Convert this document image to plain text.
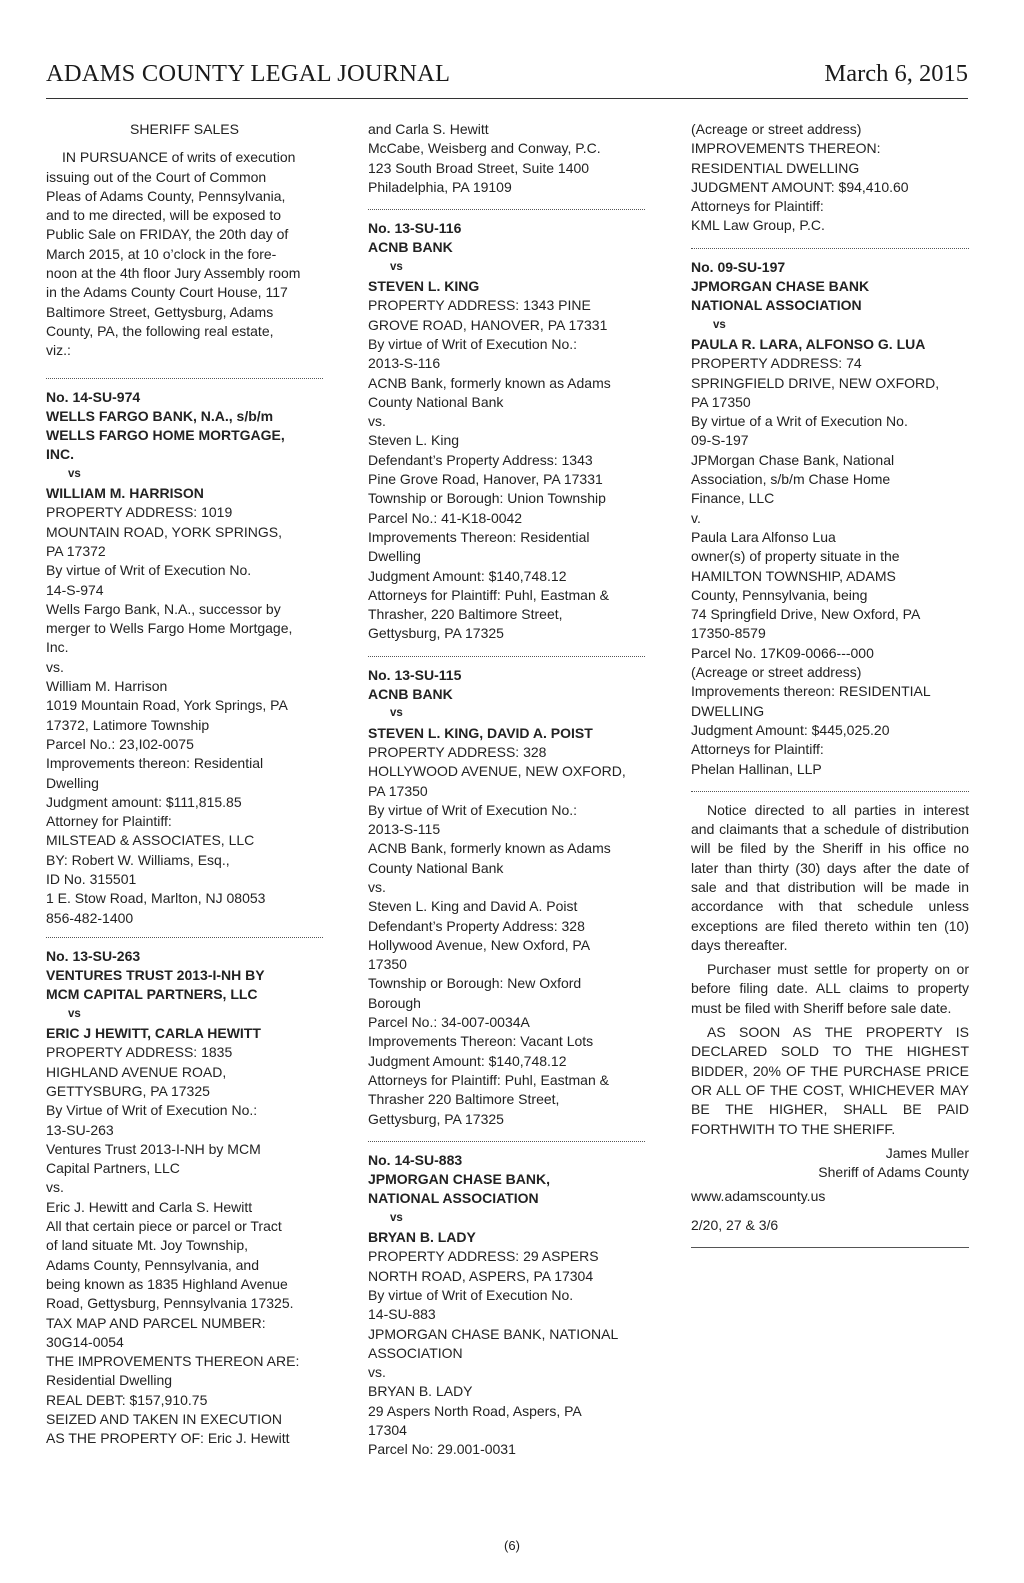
ADAMS COUNTY LEGAL JOURNAL	March 6, 2015

SHERIFF SALES

IN PURSUANCE of writs of execution
issuing out of the Court of Common
Pleas of Adams County, Pennsylvania,
and to me directed, will be exposed to
Public Sale on FRIDAY, the 20th day of
March 2015, at 10 o’clock in the fore-
noon at the 4th floor Jury Assembly room
in the Adams County Court House, 117
Baltimore Street, Gettysburg, Adams
County, PA, the following real estate,
viz.:
No. 14-SU-974
WELLS FARGO BANK, N.A., s/b/m
WELLS FARGO HOME MORTGAGE,
INC.
vs
WILLIAM M. HARRISON
PROPERTY ADDRESS: 1019
MOUNTAIN ROAD, YORK SPRINGS,
PA 17372
By virtue of Writ of Execution No.
14-S-974
Wells Fargo Bank, N.A., successor by
merger to Wells Fargo Home Mortgage,
Inc.
vs.
William M. Harrison
1019 Mountain Road, York Springs, PA
17372, Latimore Township
Parcel No.: 23,I02-0075
Improvements thereon: Residential
Dwelling
Judgment amount: $111,815.85
Attorney for Plaintiff:
MILSTEAD & ASSOCIATES, LLC
BY: Robert W. Williams, Esq.,
ID No. 315501
1 E. Stow Road, Marlton, NJ 08053
856-482-1400
No. 13-SU-263
VENTURES TRUST 2013-I-NH BY
MCM CAPITAL PARTNERS, LLC
vs
ERIC J HEWITT, CARLA HEWITT
PROPERTY ADDRESS: 1835
HIGHLAND AVENUE ROAD,
GETTYSBURG, PA 17325
By Virtue of Writ of Execution No.:
13-SU-263
Ventures Trust 2013-I-NH by MCM
Capital Partners, LLC
vs.
Eric J. Hewitt and Carla S. Hewitt
All that certain piece or parcel or Tract
of land situate Mt. Joy Township,
Adams County, Pennsylvania, and
being known as 1835 Highland Avenue
Road, Gettysburg, Pennsylvania 17325.
TAX MAP AND PARCEL NUMBER:
30G14-0054
THE IMPROVEMENTS THEREON ARE:
Residential Dwelling
REAL DEBT: $157,910.75
SEIZED AND TAKEN IN EXECUTION
AS THE PROPERTY OF: Eric J. Hewitt
and Carla S. Hewitt
McCabe, Weisberg and Conway, P.C.
123 South Broad Street, Suite 1400
Philadelphia, PA 19109
No. 13-SU-116
ACNB BANK
vs
STEVEN L. KING
PROPERTY ADDRESS: 1343 PINE
GROVE ROAD, HANOVER, PA 17331
By virtue of Writ of Execution No.:
2013-S-116
ACNB Bank, formerly known as Adams
County National Bank
vs.
Steven L. King
Defendant’s Property Address: 1343
Pine Grove Road, Hanover, PA 17331
Township or Borough: Union Township
Parcel No.: 41-K18-0042
Improvements Thereon: Residential
Dwelling
Judgment Amount: $140,748.12
Attorneys for Plaintiff: Puhl, Eastman &
Thrasher, 220 Baltimore Street,
Gettysburg, PA 17325
No. 13-SU-115
ACNB BANK
vs
STEVEN L. KING, DAVID A. POIST
PROPERTY ADDRESS: 328
HOLLYWOOD AVENUE, NEW OXFORD,
PA 17350
By virtue of Writ of Execution No.:
2013-S-115
ACNB Bank, formerly known as Adams
County National Bank
vs.
Steven L. King and David A. Poist
Defendant’s Property Address: 328
Hollywood Avenue, New Oxford, PA
17350
Township or Borough: New Oxford
Borough
Parcel No.: 34-007-0034A
Improvements Thereon: Vacant Lots
Judgment Amount: $140,748.12
Attorneys for Plaintiff: Puhl, Eastman &
Thrasher 220 Baltimore Street,
Gettysburg, PA 17325
No. 14-SU-883
JPMORGAN CHASE BANK,
NATIONAL ASSOCIATION
vs
BRYAN B. LADY
PROPERTY ADDRESS: 29 ASPERS
NORTH ROAD, ASPERS, PA 17304
By virtue of Writ of Execution No.
14-SU-883
JPMORGAN CHASE BANK, NATIONAL
ASSOCIATION
vs.
BRYAN B. LADY
29 Aspers North Road, Aspers, PA
17304
Parcel No: 29.001-0031
(Acreage or street address)
IMPROVEMENTS THEREON:
RESIDENTIAL DWELLING
JUDGMENT AMOUNT: $94,410.60
Attorneys for Plaintiff:
KML Law Group, P.C.
No. 09-SU-197
JPMORGAN CHASE BANK
NATIONAL ASSOCIATION
vs
PAULA R. LARA, ALFONSO G. LUA
PROPERTY ADDRESS: 74
SPRINGFIELD DRIVE, NEW OXFORD,
PA 17350
By virtue of a Writ of Execution No.
09-S-197
JPMorgan Chase Bank, National
Association, s/b/m Chase Home
Finance, LLC
v.
Paula Lara Alfonso Lua
owner(s) of property situate in the
HAMILTON TOWNSHIP, ADAMS
County, Pennsylvania, being
74 Springfield Drive, New Oxford, PA
17350-8579
Parcel No. 17K09-0066---000
(Acreage or street address)
Improvements thereon: RESIDENTIAL
DWELLING
Judgment Amount: $445,025.20
Attorneys for Plaintiff:
Phelan Hallinan, LLP

Notice directed to all parties in interest and claimants that a schedule of distribution will be filed by the Sheriff in his office no later than thirty (30) days after the date of sale and that distribution will be made in accordance with that schedule unless exceptions are filed thereto within ten (10) days thereafter.

Purchaser must settle for property on or before filing date. ALL claims to property must be filed with Sheriff before sale date.

AS SOON AS THE PROPERTY IS DECLARED SOLD TO THE HIGHEST BIDDER, 20% OF THE PURCHASE PRICE OR ALL OF THE COST, WHICHEVER MAY BE THE HIGHER, SHALL BE PAID FORTHWITH TO THE SHERIFF.

James Muller

Sheriff of Adams County

www.adamscounty.us

2/20, 27 & 3/6

(6)
